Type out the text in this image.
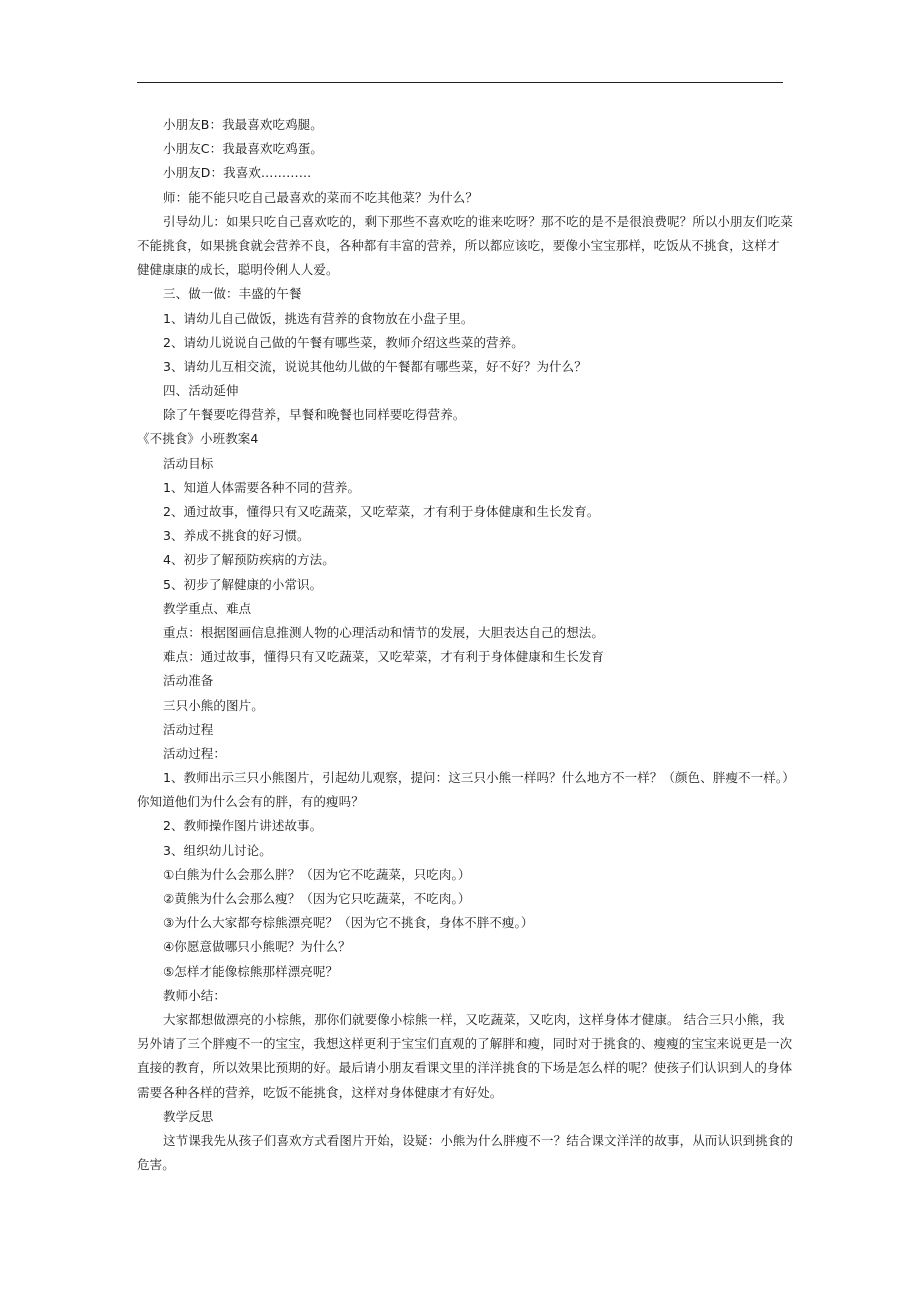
小朋友B：我最喜欢吃鸡腿。
小朋友C：我最喜欢吃鸡蛋。
小朋友D：我喜欢…………
师：能不能只吃自己最喜欢的菜而不吃其他菜？为什么？
引导幼儿：如果只吃自己喜欢吃的，剩下那些不喜欢吃的谁来吃呀？那不吃的是不是很浪费呢？所以小朋友们吃菜
不能挑食，如果挑食就会营养不良，各种都有丰富的营养，所以都应该吃，要像小宝宝那样，吃饭从不挑食，这样才
健健康康的成长，聪明伶俐人人爱。
三、做一做：丰盛的午餐
1、请幼儿自己做饭，挑选有营养的食物放在小盘子里。
2、请幼儿说说自己做的午餐有哪些菜，教师介绍这些菜的营养。
3、请幼儿互相交流，说说其他幼儿做的午餐都有哪些菜，好不好？为什么？
四、活动延伸
除了午餐要吃得营养，早餐和晚餐也同样要吃得营养。
《不挑食》小班教案4
活动目标
1、知道人体需要各种不同的营养。
2、通过故事，懂得只有又吃蔬菜，又吃荤菜，才有利于身体健康和生长发育。
3、养成不挑食的好习惯。
4、初步了解预防疾病的方法。
5、初步了解健康的小常识。
教学重点、难点
重点：根据图画信息推测人物的心理活动和情节的发展，大胆表达自己的想法。
难点：通过故事，懂得只有又吃蔬菜，又吃荤菜，才有利于身体健康和生长发育
活动准备
三只小熊的图片。
活动过程
活动过程：
1、教师出示三只小熊图片，引起幼儿观察，提问：这三只小熊一样吗？什么地方不一样？（颜色、胖瘦不一样。）
你知道他们为什么会有的胖，有的瘦吗？
2、教师操作图片讲述故事。
3、组织幼儿讨论。
①白熊为什么会那么胖？（因为它不吃蔬菜，只吃肉。）
②黄熊为什么会那么瘦？（因为它只吃蔬菜，不吃肉。）
③为什么大家都夸棕熊漂亮呢？（因为它不挑食，身体不胖不瘦。）
④你愿意做哪只小熊呢？为什么？
⑤怎样才能像棕熊那样漂亮呢？
教师小结：
大家都想做漂亮的小棕熊，那你们就要像小棕熊一样，又吃蔬菜，又吃肉，这样身体才健康。 结合三只小熊，我
另外请了三个胖瘦不一的宝宝，我想这样更利于宝宝们直观的了解胖和瘦，同时对于挑食的、瘦瘦的宝宝来说更是一次
直接的教育，所以效果比预期的好。最后请小朋友看课文里的洋洋挑食的下场是怎么样的呢？使孩子们认识到人的身体
需要各种各样的营养，吃饭不能挑食，这样对身体健康才有好处。
教学反思
这节课我先从孩子们喜欢方式看图片开始，设疑：小熊为什么胖瘦不一？结合课文洋洋的故事，从而认识到挑食的
危害。
